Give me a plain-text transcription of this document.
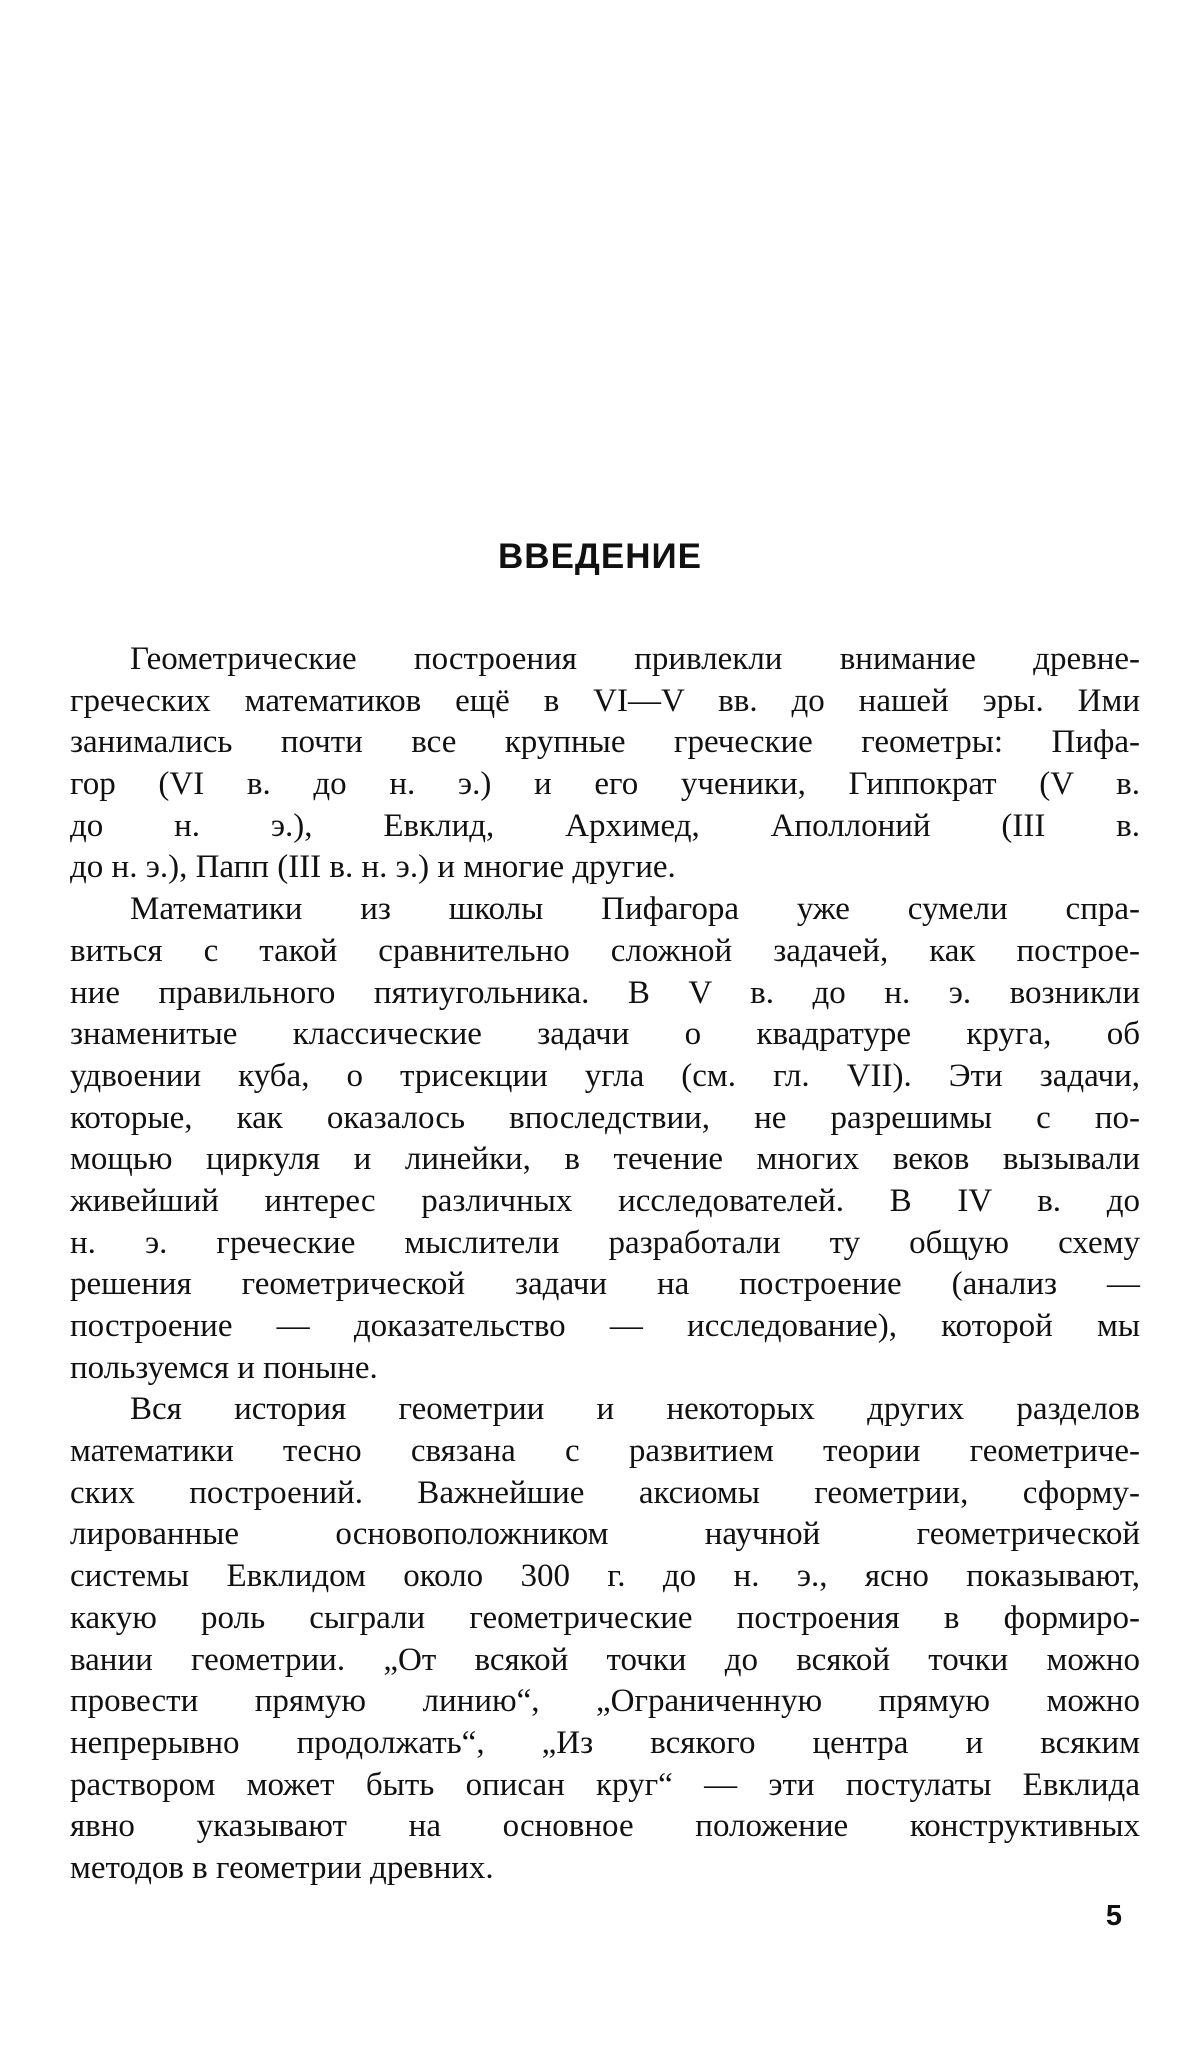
ВВЕДЕНИЕ
Геометрические построения привлекли внимание древне-
греческих математиков ещё в VI—V вв. до нашей эры. Ими
занимались почти все крупные греческие геометры: Пифа-
гор (VI в. до н. э.) и его ученики, Гиппократ (V в.
до н. э.), Евклид, Архимед, Аполлоний (III в.
до н. э.), Папп (III в. н. э.) и многие другие.
Математики из школы Пифагора уже сумели спра-
виться с такой сравнительно сложной задачей, как построе-
ние правильного пятиугольника. В V в. до н. э. возникли
знаменитые классические задачи о квадратуре круга, об
удвоении куба, о трисекции угла (см. гл. VII). Эти задачи,
которые, как оказалось впоследствии, не разрешимы с по-
мощью циркуля и линейки, в течение многих веков вызывали
живейший интерес различных исследователей. В IV в. до
н. э. греческие мыслители разработали ту общую схему
решения геометрической задачи на построение (анализ —
построение — доказательство — исследование), которой мы
пользуемся и поныне.
Вся история геометрии и некоторых других разделов
математики тесно связана с развитием теории геометриче-
ских построений. Важнейшие аксиомы геометрии, сформу-
лированные основоположником научной геометрической
системы Евклидом около 300 г. до н. э., ясно показывают,
какую роль сыграли геометрические построения в формиро-
вании геометрии. „От всякой точки до всякой точки можно
провести прямую линию“, „Ограниченную прямую можно
непрерывно продолжать“, „Из всякого центра и всяким
раствором может быть описан круг“ — эти постулаты Евклида
явно указывают на основное положение конструктивных
методов в геометрии древних.
5
